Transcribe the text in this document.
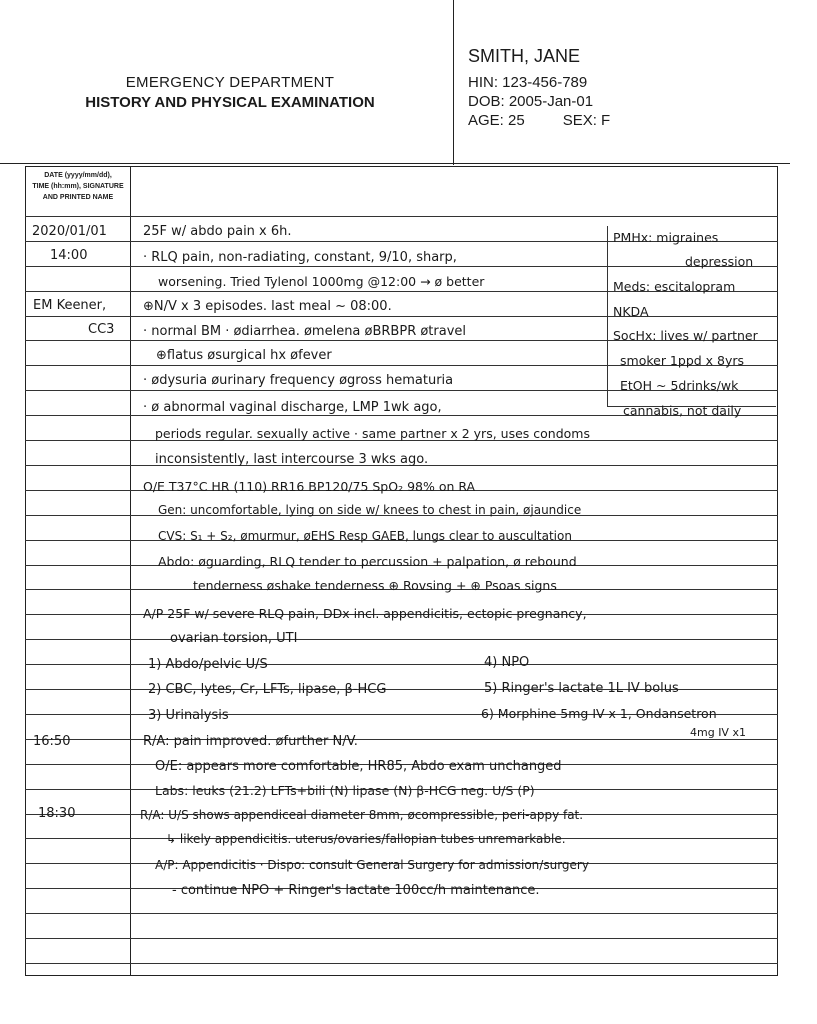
EMERGENCY DEPARTMENT
HISTORY AND PHYSICAL EXAMINATION
SMITH, JANE
HIN: 123-456-789
DOB: 2005-Jan-01
AGE: 25	SEX: F
DATE (yyyy/mm/dd),
TIME (hh:mm), SIGNATURE
AND PRINTED NAME
2020/01/01
14:00
EM Keener,
CC3
16:50
18:30
25F w/ abdo pain x 6h.
· RLQ pain, non-radiating, constant, 9/10, sharp,
worsening. Tried Tylenol 1000mg @12:00 → ø better
⊕N/V x 3 episodes. last meal ~ 08:00.
· normal BM · ødiarrhea. ømelena øBRBPR øtravel
⊕flatus øsurgical hx øfever
· ødysuria øurinary frequency øgross hematuria
· ø abnormal vaginal discharge, LMP 1wk ago,
periods regular. sexually active · same partner x 2 yrs, uses condoms
inconsistently, last intercourse 3 wks ago.
O/E T37°C HR (110) RR16 BP120/75 SpO₂ 98% on RA
Gen: uncomfortable, lying on side w/ knees to chest in pain, øjaundice
CVS: S₁ + S₂, ømurmur, øEHS Resp GAEB, lungs clear to auscultation
Abdo: øguarding, RLQ tender to percussion + palpation, ø rebound
tenderness øshake tenderness ⊕ Rovsing + ⊕ Psoas signs
A/P 25F w/ severe RLQ pain, DDx incl. appendicitis, ectopic pregnancy,
ovarian torsion, UTI
1) Abdo/pelvic U/S
2) CBC, lytes, Cr, LFTs, lipase, β-HCG
3) Urinalysis
4) NPO
5) Ringer's lactate 1L IV bolus
6) Morphine 5mg IV x 1, Ondansetron
4mg IV x1
R/A: pain improved. øfurther N/V.
O/E: appears more comfortable, HR85, Abdo exam unchanged
Labs: leuks (21.2) LFTs+bili (N) lipase (N) β-HCG neg. U/S (P)
R/A: U/S shows appendiceal diameter 8mm, øcompressible, peri-appy fat.
↳ likely appendicitis. uterus/ovaries/fallopian tubes unremarkable.
A/P: Appendicitis · Dispo: consult General Surgery for admission/surgery
- continue NPO + Ringer's lactate 100cc/h maintenance.
PMHx: migraines
depression
Meds: escitalopram
NKDA
SocHx: lives w/ partner
smoker 1ppd x 8yrs
EtOH ~ 5drinks/wk
cannabis, not daily
